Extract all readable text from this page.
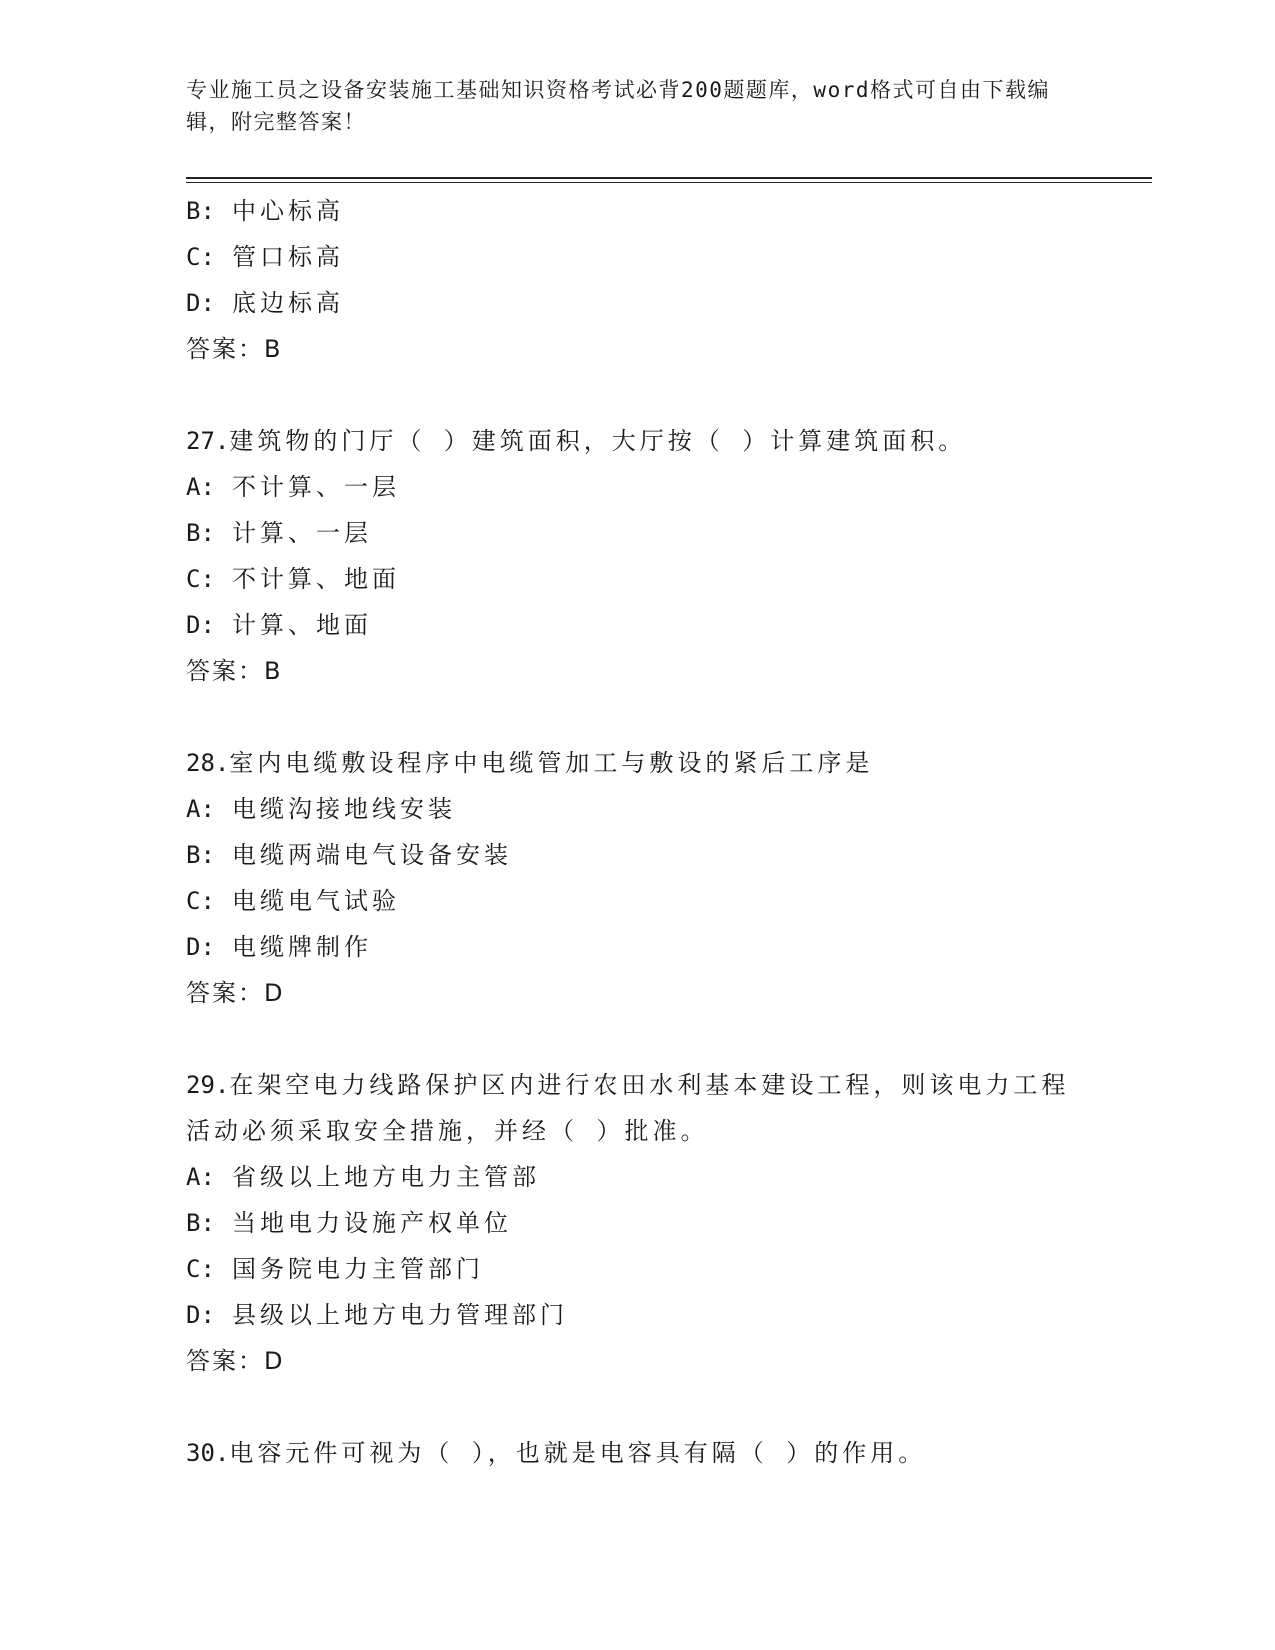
专业施工员之设备安装施工基础知识资格考试必背200题题库，word格式可自由下载编辑，附完整答案！
B: 中心标高
C: 管口标高
D: 底边标高
答案：B
27.建筑物的门厅（ ）建筑面积，大厅按（ ）计算建筑面积。
A: 不计算、一层
B: 计算、一层
C: 不计算、地面
D: 计算、地面
答案：B
28.室内电缆敷设程序中电缆管加工与敷设的紧后工序是
A: 电缆沟接地线安装
B: 电缆两端电气设备安装
C: 电缆电气试验
D: 电缆牌制作
答案：D
29.在架空电力线路保护区内进行农田水利基本建设工程，则该电力工程活动必须采取安全措施，并经（ ）批准。
A: 省级以上地方电力主管部
B: 当地电力设施产权单位
C: 国务院电力主管部门
D: 县级以上地方电力管理部门
答案：D
30.电容元件可视为（ ），也就是电容具有隔（ ）的作用。
